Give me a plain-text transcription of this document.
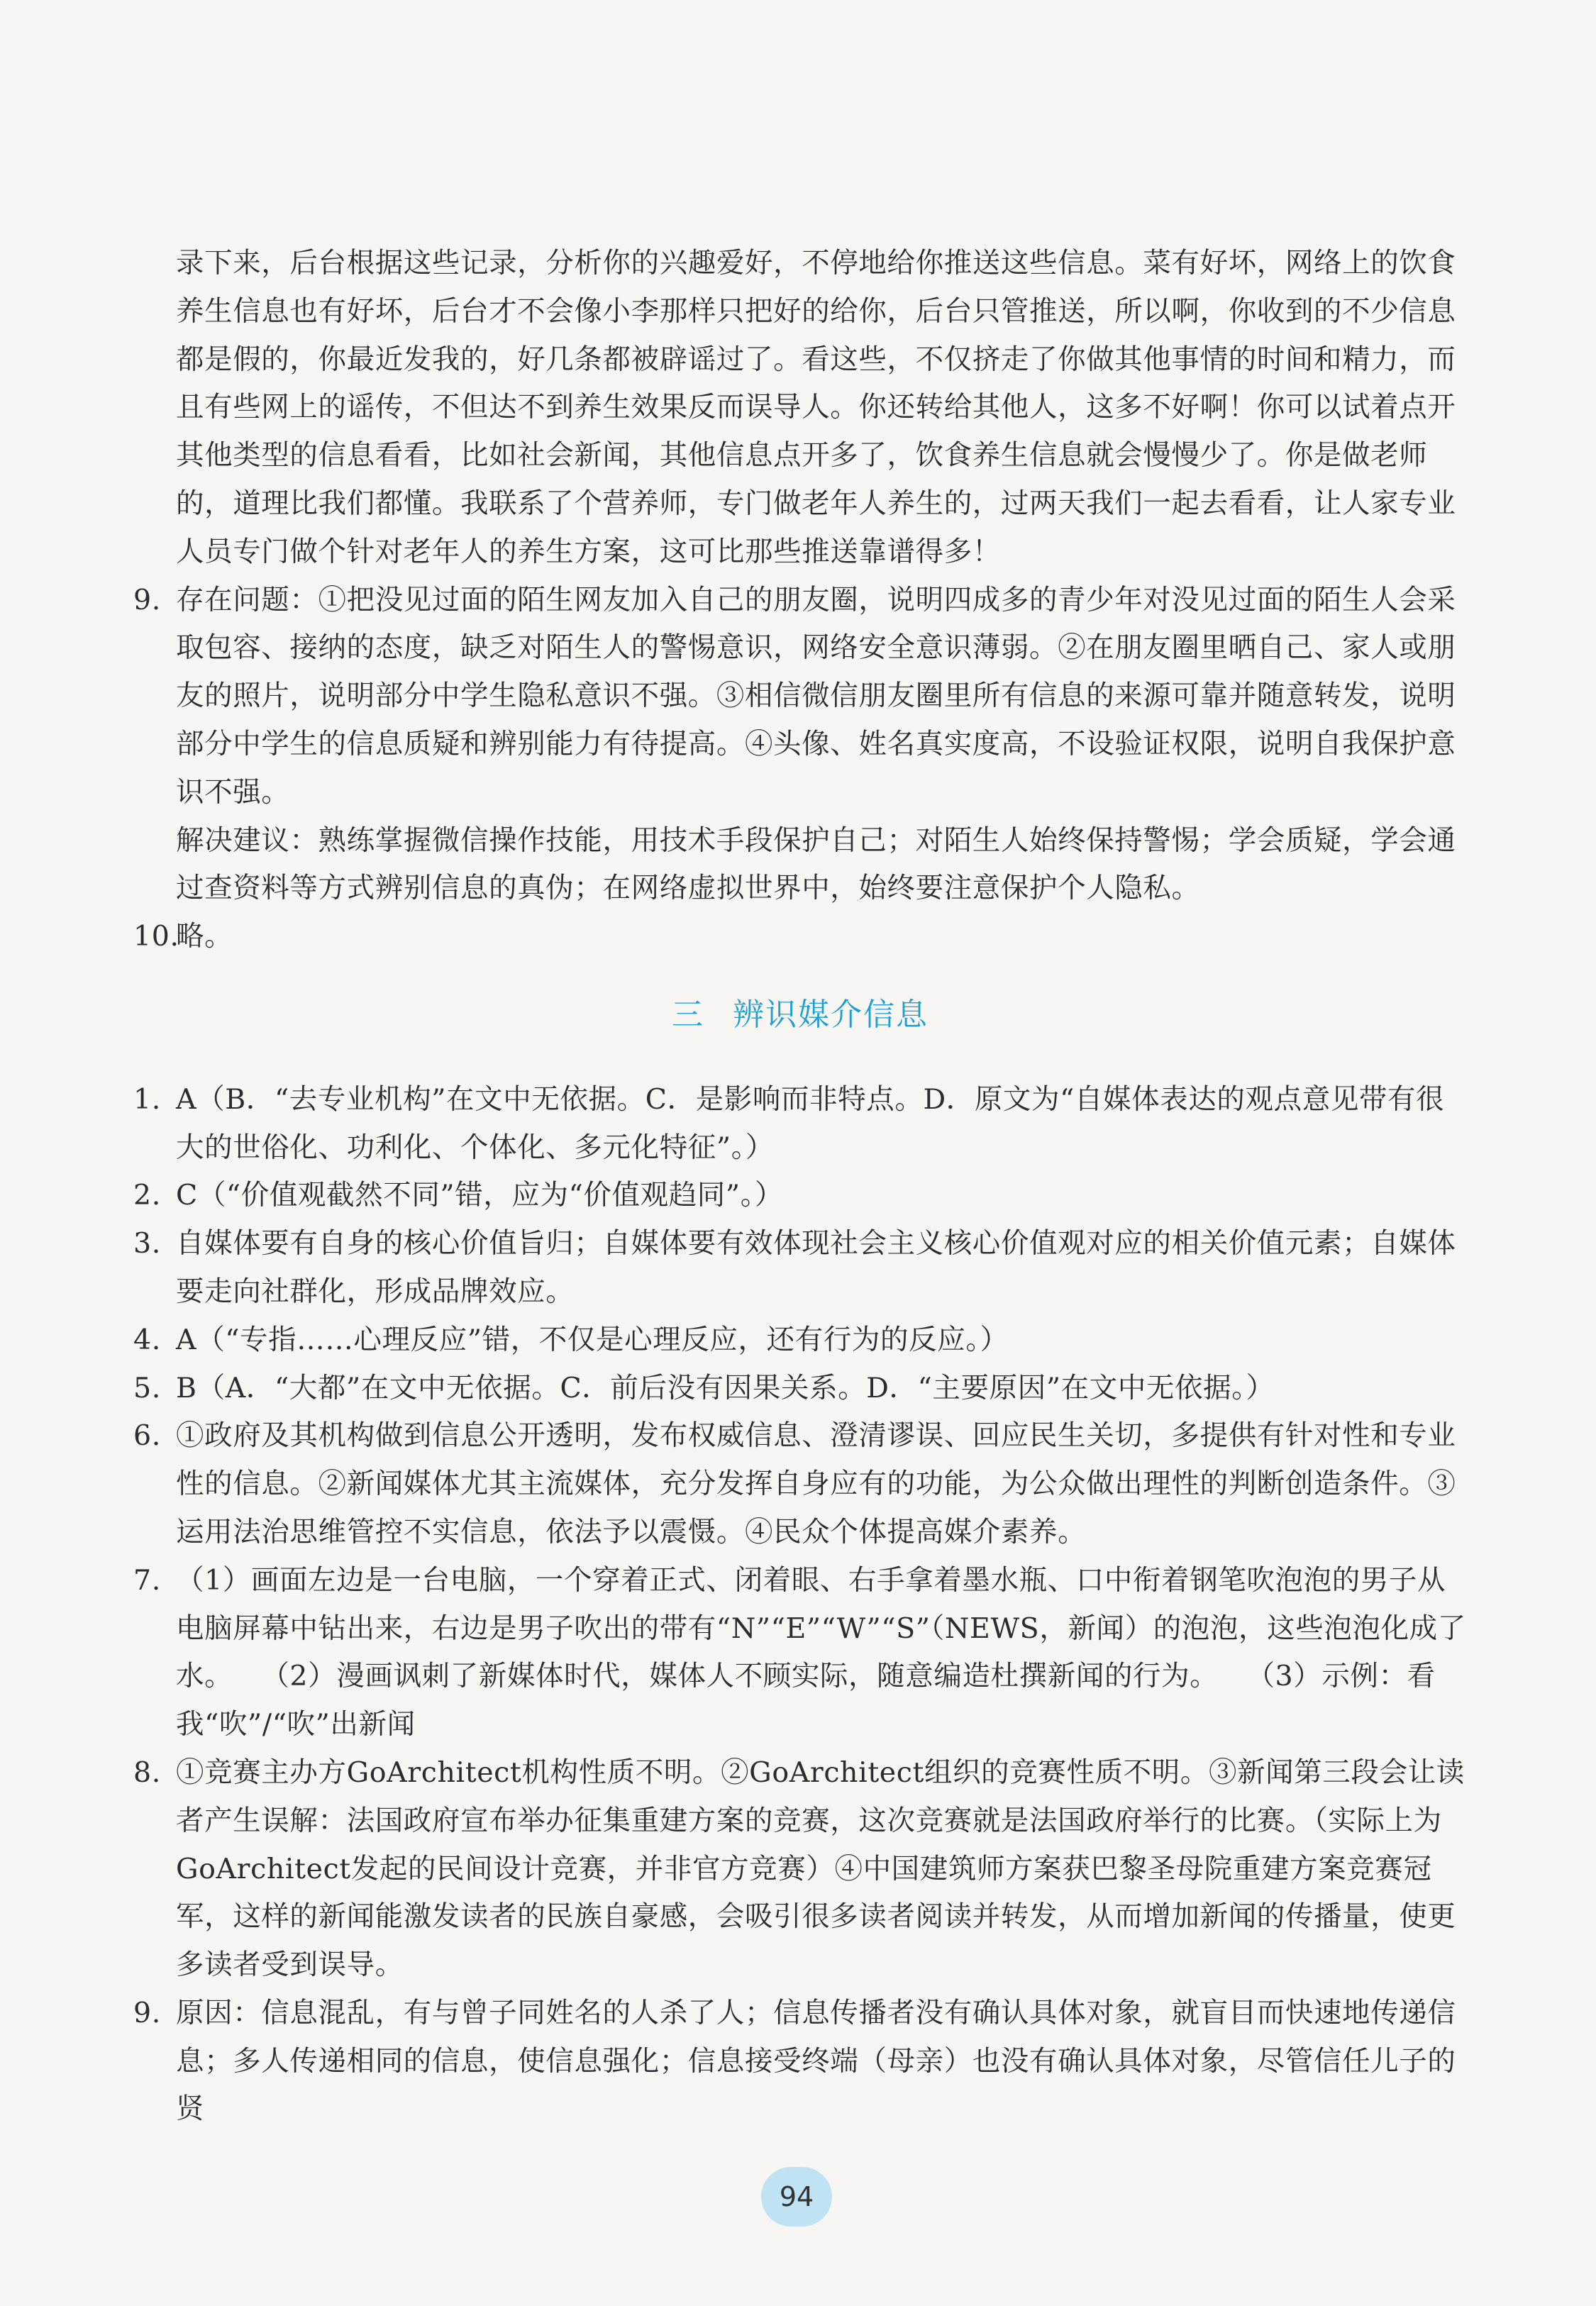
录下来，后台根据这些记录，分析你的兴趣爱好，不停地给你推送这些信息。菜有好坏，网络上的饮食养生信息也有好坏，后台才不会像小李那样只把好的给你，后台只管推送，所以啊，你收到的不少信息都是假的，你最近发我的，好几条都被辟谣过了。看这些，不仅挤走了你做其他事情的时间和精力，而且有些网上的谣传，不但达不到养生效果反而误导人。你还转给其他人，这多不好啊！你可以试着点开其他类型的信息看看，比如社会新闻，其他信息点开多了，饮食养生信息就会慢慢少了。你是做老师的，道理比我们都懂。我联系了个营养师，专门做老年人养生的，过两天我们一起去看看，让人家专业人员专门做个针对老年人的养生方案，这可比那些推送靠谱得多！

9. 存在问题：①把没见过面的陌生网友加入自己的朋友圈，说明四成多的青少年对没见过面的陌生人会采取包容、接纳的态度，缺乏对陌生人的警惕意识，网络安全意识薄弱。②在朋友圈里晒自己、家人或朋友的照片，说明部分中学生隐私意识不强。③相信微信朋友圈里所有信息的来源可靠并随意转发，说明部分中学生的信息质疑和辨别能力有待提高。④头像、姓名真实度高，不设验证权限，说明自我保护意识不强。

解决建议：熟练掌握微信操作技能，用技术手段保护自己；对陌生人始终保持警惕；学会质疑，学会通过查资料等方式辨别信息的真伪；在网络虚拟世界中，始终要注意保护个人隐私。

10.
略。
三 辨识媒介信息
1. A（B．“去专业机构”在文中无依据。C．是影响而非特点。D．原文为“自媒体表达的观点意见带有很大的世俗化、功利化、个体化、多元化特征”。）
2. C（“价值观截然不同”错，应为“价值观趋同”。）
3. 自媒体要有自身的核心价值旨归；自媒体要有效体现社会主义核心价值观对应的相关价值元素；自媒体要走向社群化，形成品牌效应。
4. A（“专指……心理反应”错，不仅是心理反应，还有行为的反应。）
5. B（A．“大都”在文中无依据。C．前后没有因果关系。D．“主要原因”在文中无依据。）
6. ①政府及其机构做到信息公开透明，发布权威信息、澄清谬误、回应民生关切，多提供有针对性和专业性的信息。②新闻媒体尤其主流媒体，充分发挥自身应有的功能，为公众做出理性的判断创造条件。③运用法治思维管控不实信息，依法予以震慑。④民众个体提高媒介素养。
7. （1）画面左边是一台电脑，一个穿着正式、闭着眼、右手拿着墨水瓶、口中衔着钢笔吹泡泡的男子从电脑屏幕中钻出来，右边是男子吹出的带有“N”“E”“W”“S”（NEWS，新闻）的泡泡，这些泡泡化成了水。  （2）漫画讽刺了新媒体时代，媒体人不顾实际，随意编造杜撰新闻的行为。  （3）示例：看我“吹”/“吹”出新闻
8. ①竞赛主办方GoArchitect机构性质不明。②GoArchitect组织的竞赛性质不明。③新闻第三段会让读者产生误解：法国政府宣布举办征集重建方案的竞赛，这次竞赛就是法国政府举行的比赛。（实际上为GoArchitect发起的民间设计竞赛，并非官方竞赛）④中国建筑师方案获巴黎圣母院重建方案竞赛冠军，这样的新闻能激发读者的民族自豪感，会吸引很多读者阅读并转发，从而增加新闻的传播量，使更多读者受到误导。
9. 原因：信息混乱，有与曾子同姓名的人杀了人；信息传播者没有确认具体对象，就盲目而快速地传递信息；多人传递相同的信息，使信息强化；信息接受终端（母亲）也没有确认具体对象，尽管信任儿子的贤
94
